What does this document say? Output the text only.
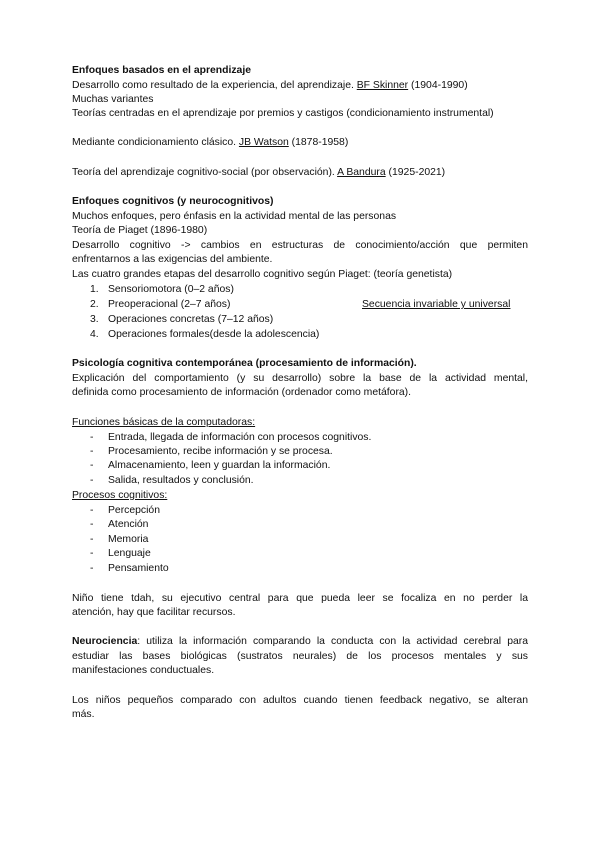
Enfoques basados en el aprendizaje
Desarrollo como resultado de la experiencia, del aprendizaje. BF Skinner (1904-1990)
Muchas variantes
Teorías centradas en el aprendizaje por premios y castigos (condicionamiento instrumental)
Mediante condicionamiento clásico. JB Watson (1878-1958)
Teoría del aprendizaje cognitivo-social (por observación). A Bandura (1925-2021)
Enfoques cognitivos (y neurocognitivos)
Muchos enfoques, pero énfasis en la actividad mental de las personas
Teoría de Piaget (1896-1980)
Desarrollo cognitivo -> cambios en estructuras de conocimiento/acción que permiten
enfrentarnos a las exigencias del ambiente.
Las cuatro grandes etapas del desarrollo cognitivo según Piaget: (teoría genetista)
1. Sensoriomotora (0–2 años)
2. Preoperacional (2–7 años)	Secuencia invariable y universal
3. Operaciones concretas (7–12 años)
4. Operaciones formales(desde la adolescencia)
Psicología cognitiva contemporánea (procesamiento de información).
Explicación del comportamiento (y su desarrollo) sobre la base de la actividad mental,
definida como procesamiento de información (ordenador como metáfora).
Funciones básicas de la computadoras:
- Entrada, llegada de información con procesos cognitivos.
- Procesamiento, recibe información y se procesa.
- Almacenamiento, leen y guardan la información.
- Salida, resultados y conclusión.
Procesos cognitivos:
- Percepción
- Atención
- Memoria
- Lenguaje
- Pensamiento
Niño tiene tdah, su ejecutivo central para que pueda leer se focaliza en no perder la
atención, hay que facilitar recursos.
Neurociencia: utiliza la información comparando la conducta con la actividad cerebral para
estudiar las bases biológicas (sustratos neurales) de los procesos mentales y sus
manifestaciones conductuales.
Los niños pequeños comparado con adultos cuando tienen feedback negativo, se alteran
más.
